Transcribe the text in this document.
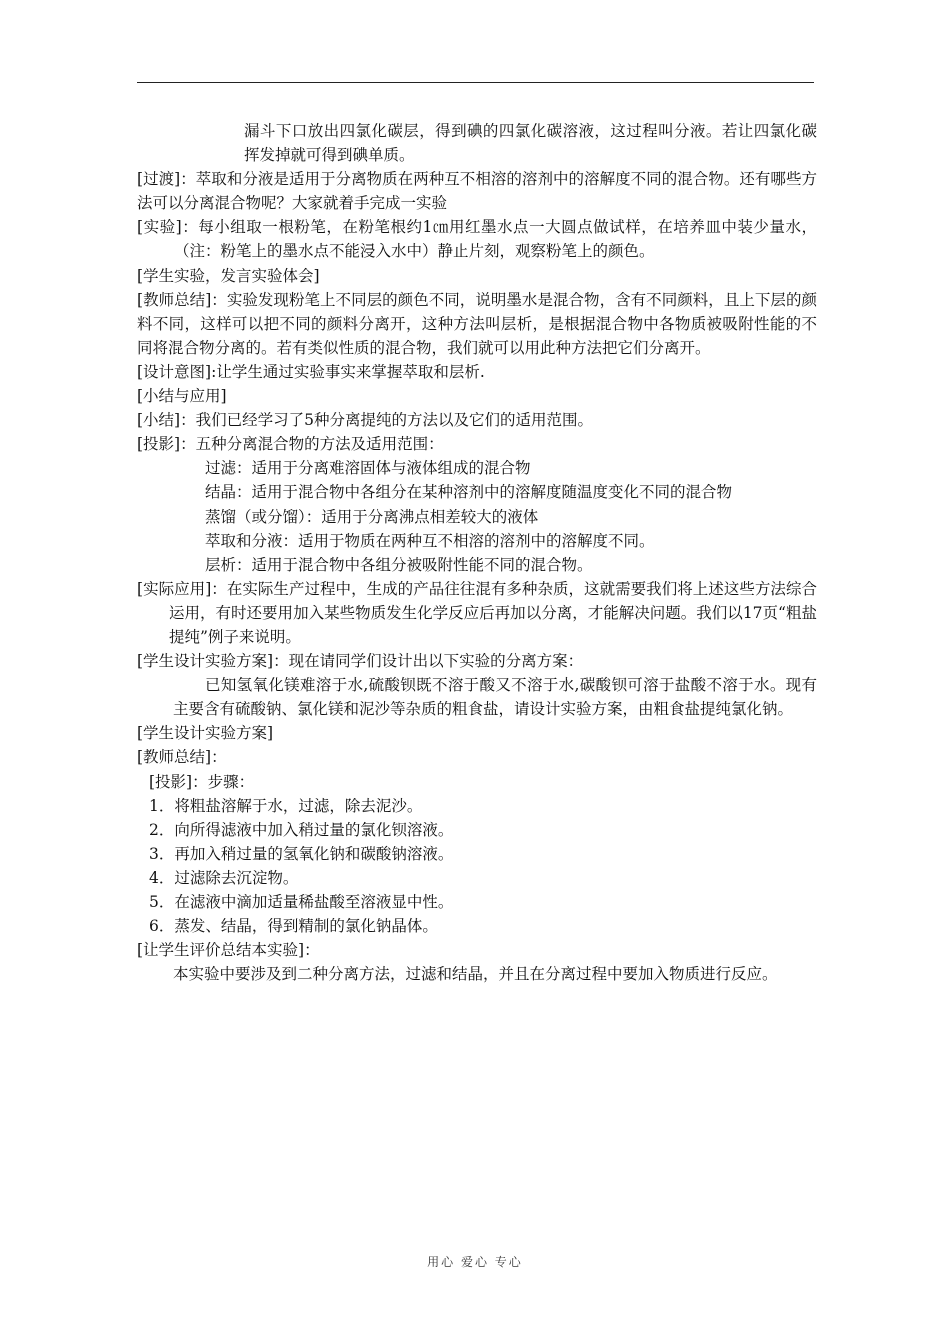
漏斗下口放出四氯化碳层，得到碘的四氯化碳溶液，这过程叫分液。若让四氯化碳挥发掉就可得到碘单质。

[过渡]：萃取和分液是适用于分离物质在两种互不相溶的溶剂中的溶解度不同的混合物。还有哪些方法可以分离混合物呢？大家就着手完成一实验

[实验]：每小组取一根粉笔，在粉笔根约1㎝用红墨水点一大圆点做试样，在培养皿中装少量水，（注：粉笔上的墨水点不能浸入水中）静止片刻，观察粉笔上的颜色。

[学生实验，发言实验体会]

[教师总结]：实验发现粉笔上不同层的颜色不同，说明墨水是混合物，含有不同颜料，且上下层的颜料不同，这样可以把不同的颜料分离开，这种方法叫层析，是根据混合物中各物质被吸附性能的不同将混合物分离的。若有类似性质的混合物，我们就可以用此种方法把它们分离开。

[设计意图]:让学生通过实验事实来掌握萃取和层析.

[小结与应用]

[小结]：我们已经学习了5种分离提纯的方法以及它们的适用范围。

[投影]：五种分离混合物的方法及适用范围：

过滤：适用于分离难溶固体与液体组成的混合物

结晶：适用于混合物中各组分在某种溶剂中的溶解度随温度变化不同的混合物

蒸馏（或分馏）：适用于分离沸点相差较大的液体

萃取和分液：适用于物质在两种互不相溶的溶剂中的溶解度不同。

层析：适用于混合物中各组分被吸附性能不同的混合物。

[实际应用]：在实际生产过程中，生成的产品往往混有多种杂质，这就需要我们将上述这些方法综合运用，有时还要用加入某些物质发生化学反应后再加以分离，才能解决问题。我们以17页“粗盐提纯”例子来说明。

[学生设计实验方案]：现在请同学们设计出以下实验的分离方案：

已知氢氧化镁难溶于水,硫酸钡既不溶于酸又不溶于水,碳酸钡可溶于盐酸不溶于水。现有主要含有硫酸钠、氯化镁和泥沙等杂质的粗食盐，请设计实验方案，由粗食盐提纯氯化钠。

[学生设计实验方案]

[教师总结]：

[投影]：步骤：

1．将粗盐溶解于水，过滤，除去泥沙。

2．向所得滤液中加入稍过量的氯化钡溶液。

3．再加入稍过量的氢氧化钠和碳酸钠溶液。

4．过滤除去沉淀物。

5．在滤液中滴加适量稀盐酸至溶液显中性。

6．蒸发、结晶，得到精制的氯化钠晶体。

[让学生评价总结本实验]：

本实验中要涉及到二种分离方法，过滤和结晶，并且在分离过程中要加入物质进行反应。

用心 爱心 专心
